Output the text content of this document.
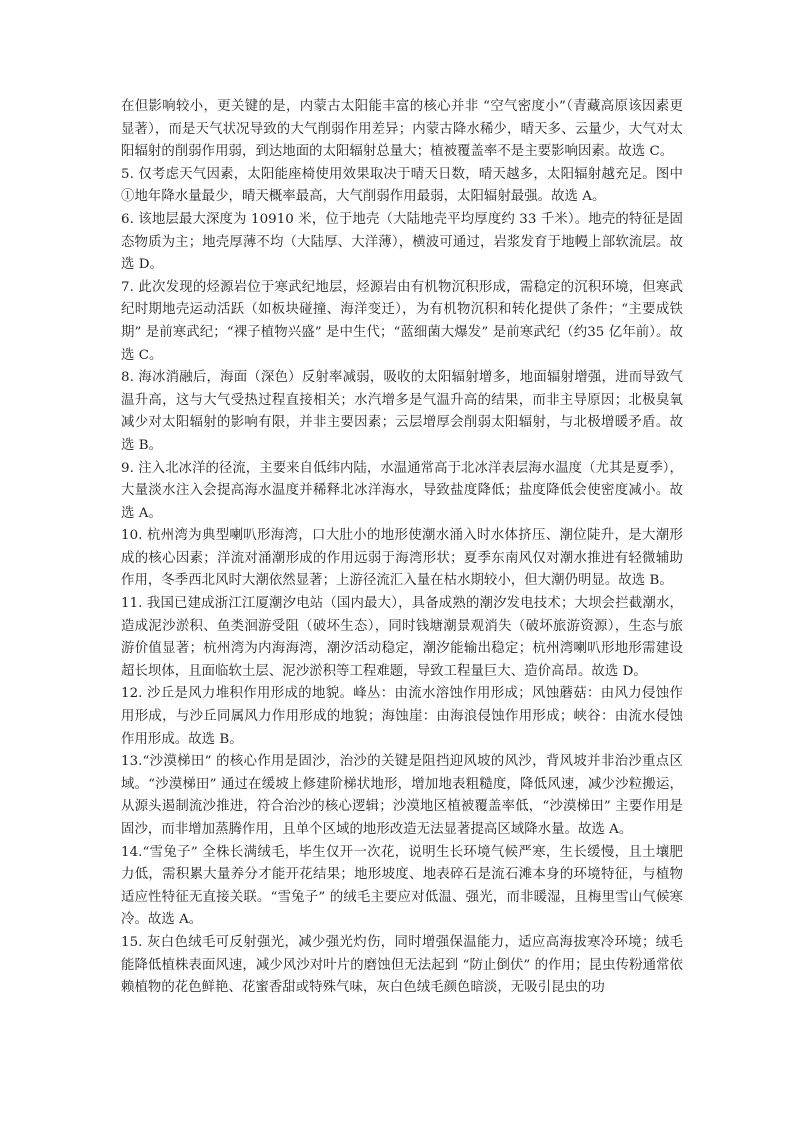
在但影响较小，更关键的是，内蒙古太阳能丰富的核心并非 “空气密度小”（青藏高原该因素更显著），而是天气状况导致的大气削弱作用差异；内蒙古降水稀少，晴天多、云量少，大气对太阳辐射的削弱作用弱，到达地面的太阳辐射总量大；植被覆盖率不是主要影响因素。故选 C。

5. 仅考虑天气因素，太阳能座椅使用效果取决于晴天日数，晴天越多，太阳辐射越充足。图中①地年降水量最少，晴天概率最高，大气削弱作用最弱，太阳辐射最强。故选 A。

6. 该地层最大深度为 10910 米，位于地壳（大陆地壳平均厚度约 33 千米）。地壳的特征是固态物质为主；地壳厚薄不均（大陆厚、大洋薄），横波可通过，岩浆发育于地幔上部软流层。故选 D。

7. 此次发现的烃源岩位于寒武纪地层，烃源岩由有机物沉积形成，需稳定的沉积环境，但寒武纪时期地壳运动活跃（如板块碰撞、海洋变迁），为有机物沉积和转化提供了条件；“主要成铁期” 是前寒武纪；“裸子植物兴盛” 是中生代；“蓝细菌大爆发” 是前寒武纪（约35 亿年前）。故选 C。

8. 海冰消融后，海面（深色）反射率减弱，吸收的太阳辐射增多，地面辐射增强，进而导致气温升高，这与大气受热过程直接相关；水汽增多是气温升高的结果，而非主导原因；北极臭氧减少对太阳辐射的影响有限，并非主要因素；云层增厚会削弱太阳辐射，与北极增暖矛盾。故选 B。

9. 注入北冰洋的径流，主要来自低纬内陆，水温通常高于北冰洋表层海水温度（尤其是夏季），大量淡水注入会提高海水温度并稀释北冰洋海水，导致盐度降低；盐度降低会使密度减小。故选 A。

10. 杭州湾为典型喇叭形海湾，口大肚小的地形使潮水涌入时水体挤压、潮位陡升，是大潮形成的核心因素；洋流对涌潮形成的作用远弱于海湾形状；夏季东南风仅对潮水推进有轻微辅助作用，冬季西北风时大潮依然显著；上游径流汇入量在枯水期较小，但大潮仍明显。故选 B。

11. 我国已建成浙江江厦潮汐电站（国内最大），具备成熟的潮汐发电技术；大坝会拦截潮水，造成泥沙淤积、鱼类洄游受阻（破坏生态），同时钱塘潮景观消失（破坏旅游资源），生态与旅游价值显著；杭州湾为内海海湾，潮汐活动稳定，潮汐能输出稳定；杭州湾喇叭形地形需建设超长坝体，且面临软土层、泥沙淤积等工程难题，导致工程量巨大、造价高昂。故选 D。

12. 沙丘是风力堆积作用形成的地貌。峰丛：由流水溶蚀作用形成；风蚀蘑菇：由风力侵蚀作用形成，与沙丘同属风力作用形成的地貌；海蚀崖：由海浪侵蚀作用形成；峡谷：由流水侵蚀作用形成。故选 B。

13.“沙漠梯田” 的核心作用是固沙，治沙的关键是阻挡迎风坡的风沙，背风坡并非治沙重点区域。“沙漠梯田” 通过在缓坡上修建阶梯状地形，增加地表粗糙度，降低风速，减少沙粒搬运，从源头遏制流沙推进，符合治沙的核心逻辑；沙漠地区植被覆盖率低，“沙漠梯田” 主要作用是固沙，而非增加蒸腾作用，且单个区域的地形改造无法显著提高区域降水量。故选 A。

14.“雪兔子” 全株长满绒毛，毕生仅开一次花，说明生长环境气候严寒，生长缓慢，且土壤肥力低，需积累大量养分才能开花结果；地形坡度、地表碎石是流石滩本身的环境特征，与植物适应性特征无直接关联。“雪兔子” 的绒毛主要应对低温、强光，而非暖湿，且梅里雪山气候寒冷。故选 A。

15. 灰白色绒毛可反射强光，减少强光灼伤，同时增强保温能力，适应高海拔寒冷环境；绒毛能降低植株表面风速，减少风沙对叶片的磨蚀但无法起到 “防止倒伏” 的作用；昆虫传粉通常依赖植物的花色鲜艳、花蜜香甜或特殊气味，灰白色绒毛颜色暗淡，无吸引昆虫的功
